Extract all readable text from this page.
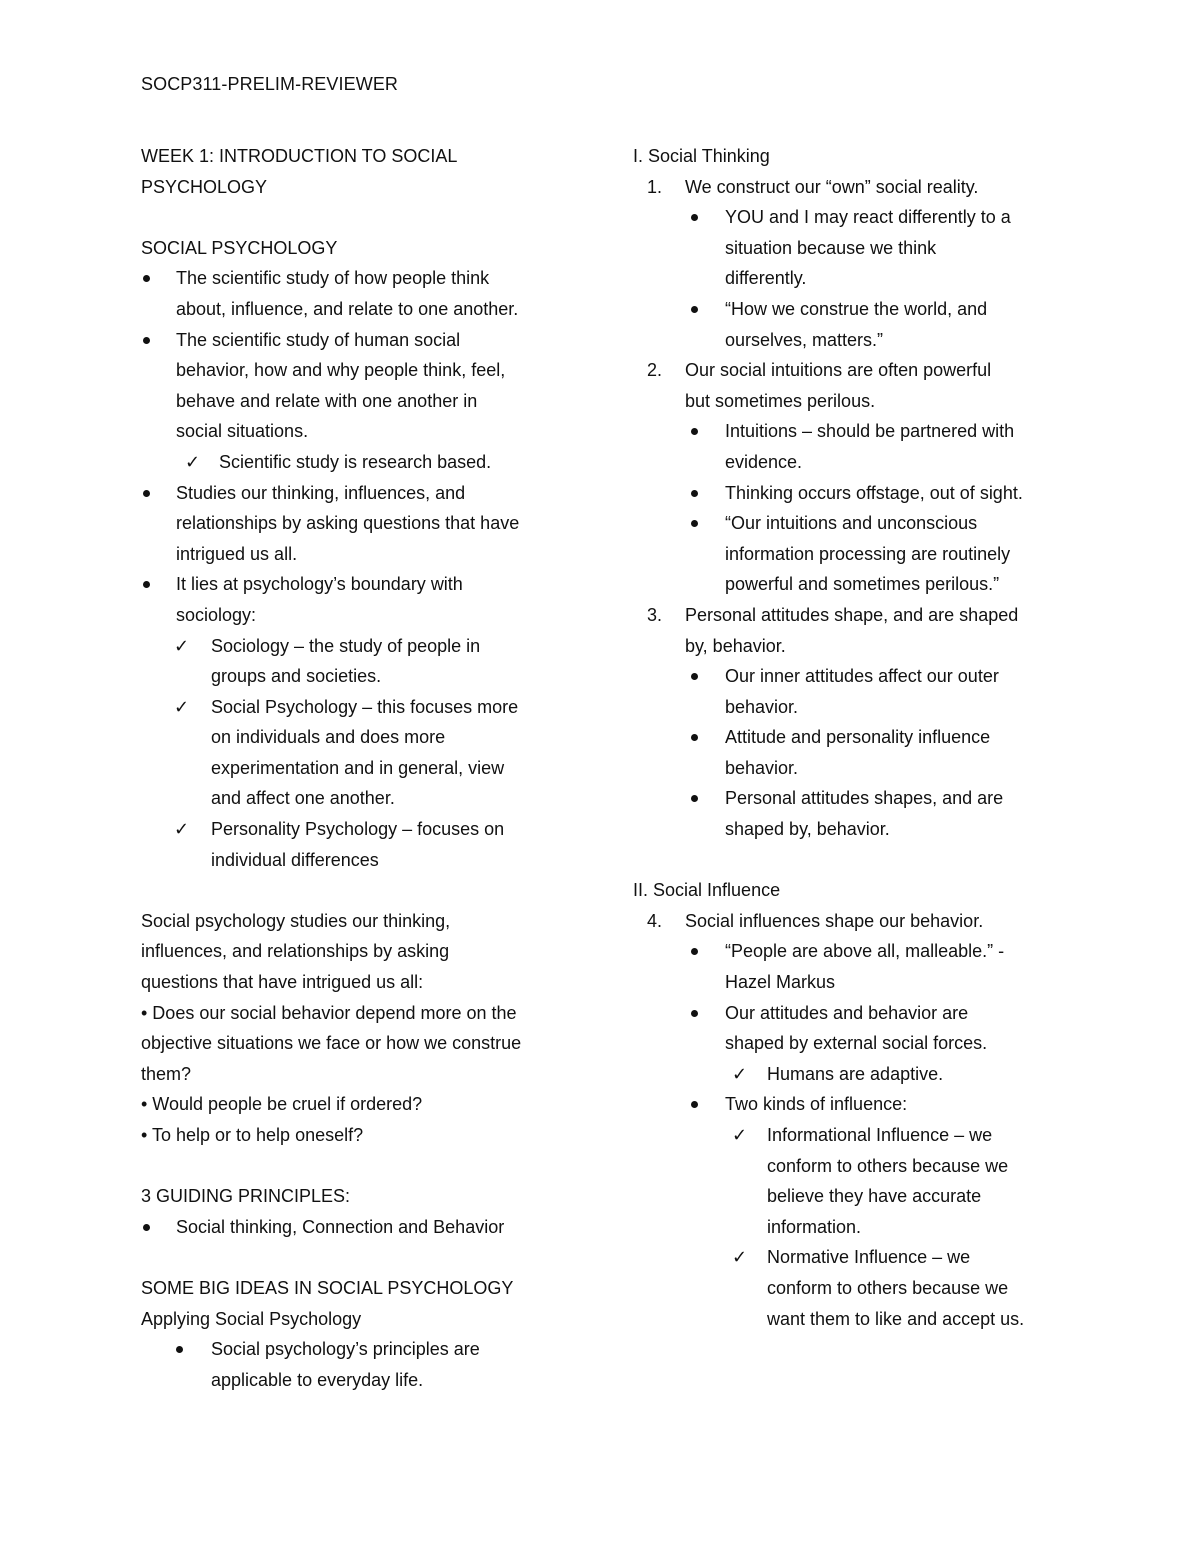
SOCP311-PRELIM-REVIEWER
WEEK 1: INTRODUCTION TO SOCIAL
PSYCHOLOGY
SOCIAL PSYCHOLOGY
The scientific study of how people think
about, influence, and relate to one another.
The scientific study of human social
behavior, how and why people think, feel,
behave and relate with one another in
social situations.
✓	Scientific study is research based.
Studies our thinking, influences, and
relationships by asking questions that have
intrigued us all.
It lies at psychology’s boundary with
sociology:
✓ Sociology – the study of people in
groups and societies.
✓ Social Psychology – this focuses more
on individuals and does more
experimentation and in general, view
and affect one another.
✓ Personality Psychology – focuses on
individual differences
Social psychology studies our thinking,
influences, and relationships by asking
questions that have intrigued us all:
• Does our social behavior depend more on the
objective situations we face or how we construe
them?
• Would people be cruel if ordered?
• To help or to help oneself?
3 GUIDING PRINCIPLES:
Social thinking, Connection and Behavior
SOME BIG IDEAS IN SOCIAL PSYCHOLOGY
Applying Social Psychology
Social psychology’s principles are
applicable to everyday life.
I. Social Thinking
1. We construct our “own” social reality.
YOU and I may react differently to a
situation because we think
differently.
“How we construe the world, and
ourselves, matters.”
2. Our social intuitions are often powerful
but sometimes perilous.
Intuitions – should be partnered with
evidence.
Thinking occurs offstage, out of sight.
“Our intuitions and unconscious
information processing are routinely
powerful and sometimes perilous.”
3. Personal attitudes shape, and are shaped
by, behavior.
Our inner attitudes affect our outer
behavior.
Attitude and personality influence
behavior.
Personal attitudes shapes, and are
shaped by, behavior.
II. Social Influence
4. Social influences shape our behavior.
“People are above all, malleable.” -
Hazel Markus
Our attitudes and behavior are
shaped by external social forces.
✓ Humans are adaptive.
Two kinds of influence:
✓ Informational Influence – we
conform to others because we
believe they have accurate
information.
✓ Normative Influence – we
conform to others because we
want them to like and accept us.
